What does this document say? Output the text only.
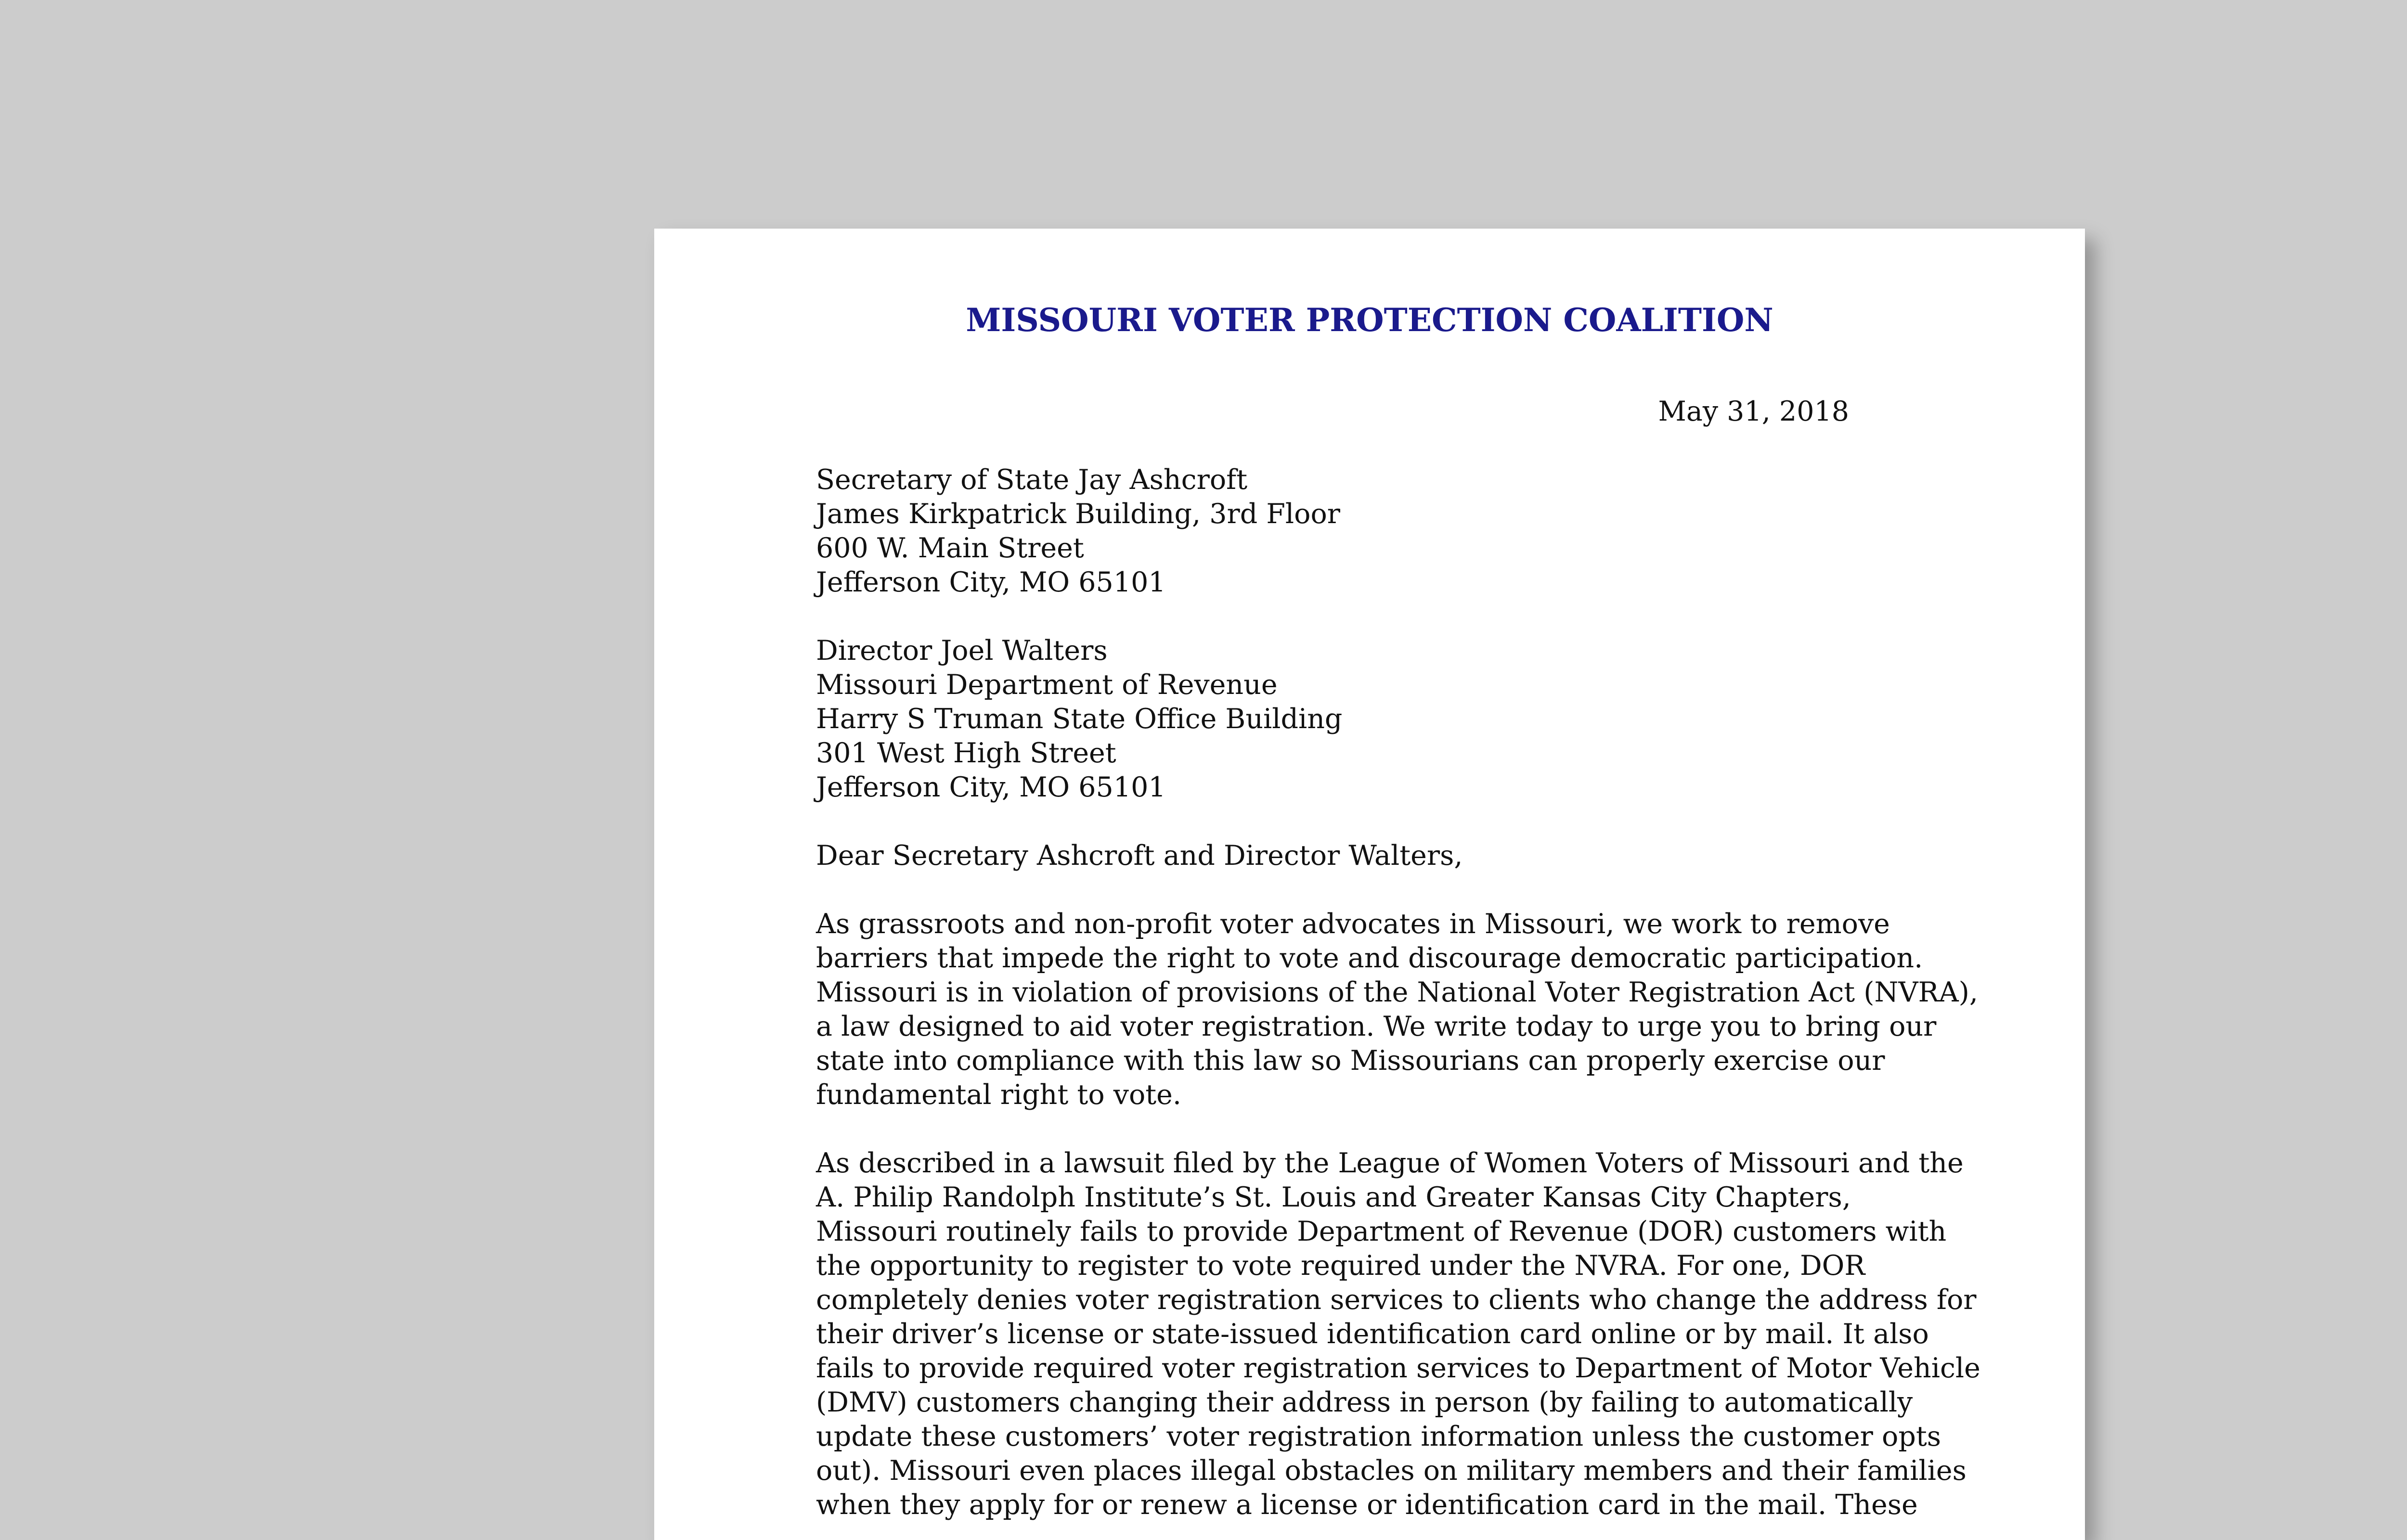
MISSOURI VOTER PROTECTION COALITION
May 31, 2018
Secretary of State Jay Ashcroft
James Kirkpatrick Building, 3rd Floor
600 W. Main Street
Jefferson City, MO 65101
Director Joel Walters
Missouri Department of Revenue
Harry S Truman State Office Building
301 West High Street
Jefferson City, MO 65101
Dear Secretary Ashcroft and Director Walters,
As grassroots and non-profit voter advocates in Missouri, we work to remove
barriers that impede the right to vote and discourage democratic participation.
Missouri is in violation of provisions of the National Voter Registration Act (NVRA),
a law designed to aid voter registration. We write today to urge you to bring our
state into compliance with this law so Missourians can properly exercise our
fundamental right to vote.
As described in a lawsuit filed by the League of Women Voters of Missouri and the
A. Philip Randolph Institute’s St. Louis and Greater Kansas City Chapters,
Missouri routinely fails to provide Department of Revenue (DOR) customers with
the opportunity to register to vote required under the NVRA. For one, DOR
completely denies voter registration services to clients who change the address for
their driver’s license or state-issued identification card online or by mail. It also
fails to provide required voter registration services to Department of Motor Vehicle
(DMV) customers changing their address in person (by failing to automatically
update these customers’ voter registration information unless the customer opts
out). Missouri even places illegal obstacles on military members and their families
when they apply for or renew a license or identification card in the mail. These
